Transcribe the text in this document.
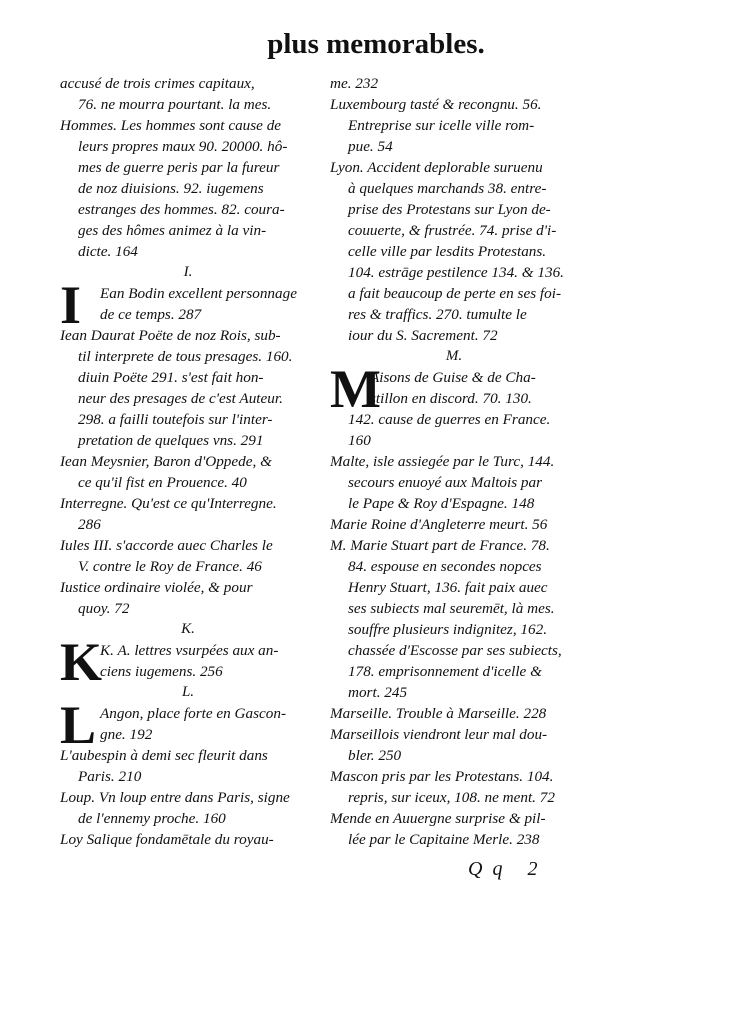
plus memorables.
accusé de trois crimes capitaux,
76. ne mourra pourtant. la mes.
Hommes. Les hommes sont cause de
leurs propres maux 90. 20000. hô-
mes de guerre peris par la fureur
de noz diuisions. 92. iugemens
estranges des hommes. 82. coura-
ges des hômes animez à la vin-
dicte. 164
I.
I	Ean Bodin excellent personnage
de ce temps. 287
Iean Daurat Poëte de noz Rois, sub-
til interprete de tous presages. 160.
diuin Poëte 291. s'est fait hon-
neur des presages de c'est Auteur.
298. a failli toutefois sur l'inter-
pretation de quelques vns. 291
Iean Meysnier, Baron d'Oppede, &
ce qu'il fist en Prouence. 40
Interregne. Qu'est ce qu'Interregne.
286
Iules III. s'accorde auec Charles le
V. contre le Roy de France. 46
Iustice ordinaire violée, & pour
quoy. 72
K.
K
K. A. lettres vsurpées aux an-
ciens iugemens. 256
L.
L Angon, place forte en Gascon-
gne. 192
L'aubespin à demi sec fleurit dans
Paris. 210
Loup. Vn loup entre dans Paris, signe
de l'ennemy proche. 160
Loy Salique fondamētale du royau-
me. 232
Luxembourg tasté & recongnu. 56.
Entreprise sur icelle ville rom-
pue. 54
Lyon. Accident deplorable suruenu
à quelques marchands 38. entre-
prise des Protestans sur Lyon de-
couuerte, & frustrée. 74. prise d'i-
celle ville par lesdits Protestans.
104. estrāge pestilence 134. & 136.
a fait beaucoup de perte en ses foi-
res & traffics. 270. tumulte le
iour du S. Sacrement. 72
M.
M
Aisons de Guise & de Cha-
stillon en discord. 70. 130.
142. cause de guerres en France.
160
Malte, isle assiegée par le Turc, 144.
secours enuoyé aux Maltois par
le Pape & Roy d'Espagne. 148
Marie Roine d'Angleterre meurt. 56
M. Marie Stuart part de France. 78.
84. espouse en secondes nopces
Henry Stuart, 136. fait paix auec
ses subiects mal seuremēt, là mes.
souffre plusieurs indignitez, 162.
chassée d'Escosse par ses subiects,
178. emprisonnement d'icelle &
mort. 245
Marseille. Trouble à Marseille. 228
Marseillois viendront leur mal dou-
bler. 250
Mascon pris par les Protestans. 104.
repris, sur iceux, 108. ne ment. 72
Mende en Auuergne surprise & pil-
lée par le Capitaine Merle. 238
Qq 2
